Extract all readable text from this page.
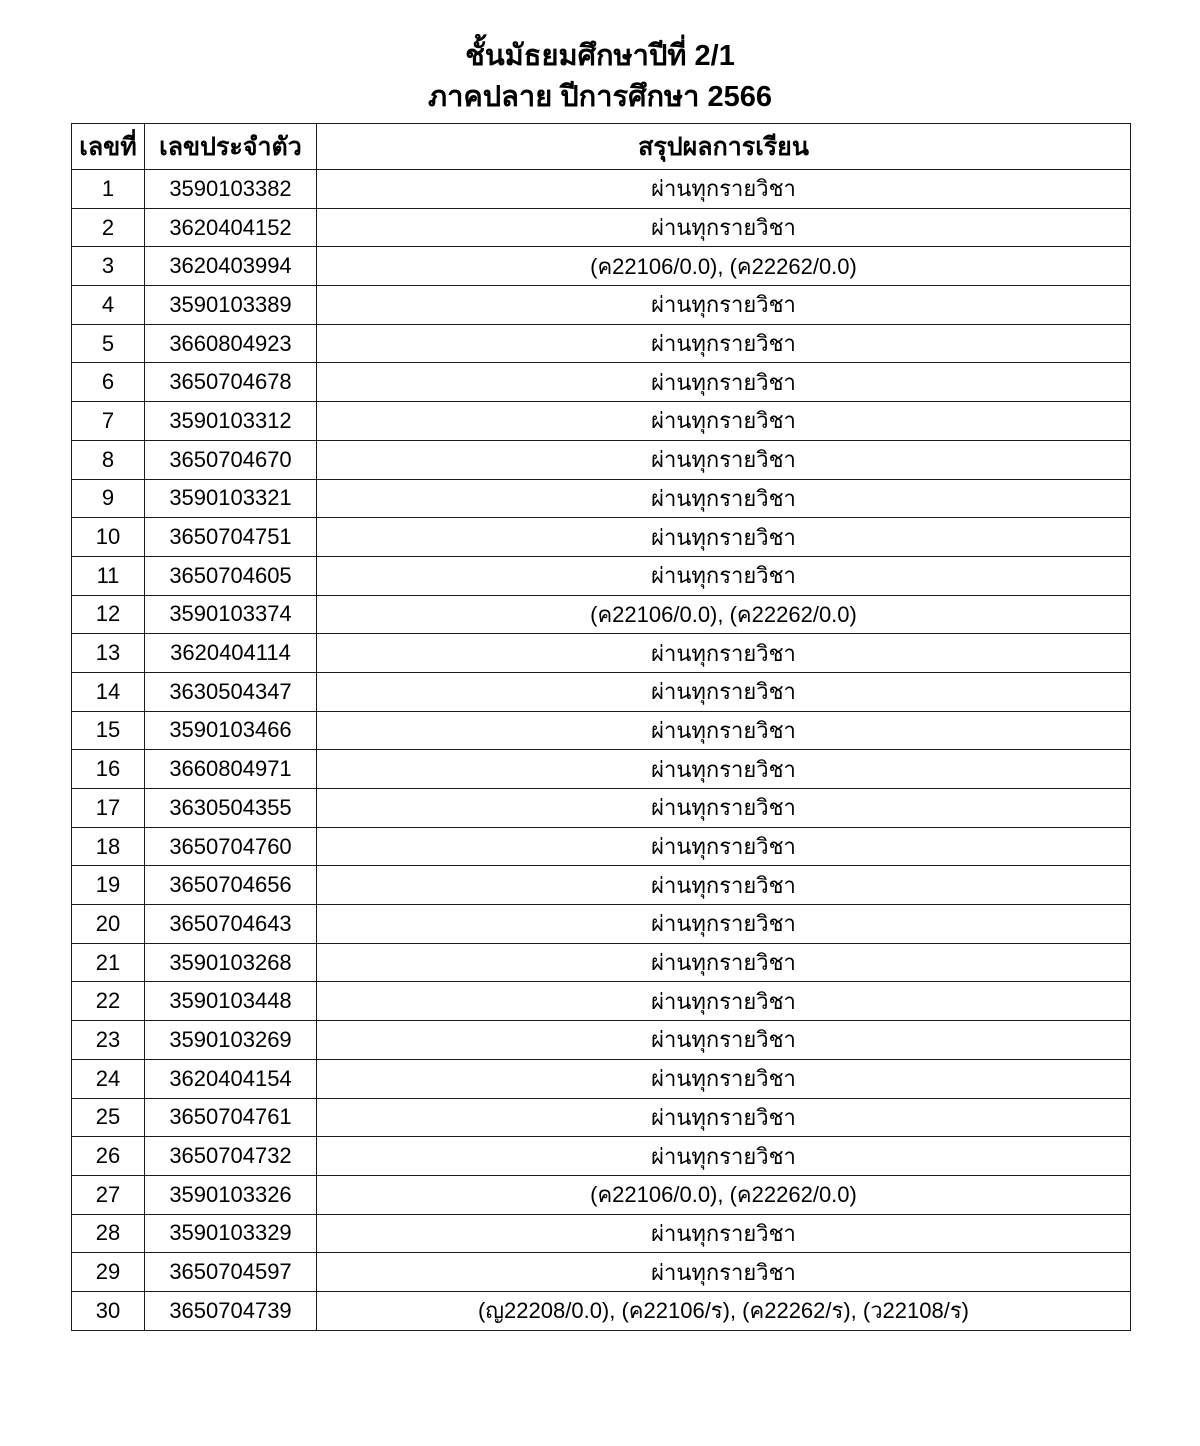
ชั้นมัธยมศึกษาปีที่ 2/1
ภาคปลาย ปีการศึกษา 2566
เลขที่	เลขประจำตัว	สรุปผลการเรียน
1	3590103382	ผ่านทุกรายวิชา
2	3620404152	ผ่านทุกรายวิชา
3	3620403994	(ค22106/0.0), (ค22262/0.0)
4	3590103389	ผ่านทุกรายวิชา
5	3660804923	ผ่านทุกรายวิชา
6	3650704678	ผ่านทุกรายวิชา
7	3590103312	ผ่านทุกรายวิชา
8	3650704670	ผ่านทุกรายวิชา
9	3590103321	ผ่านทุกรายวิชา
10	3650704751	ผ่านทุกรายวิชา
11	3650704605	ผ่านทุกรายวิชา
12	3590103374	(ค22106/0.0), (ค22262/0.0)
13	3620404114	ผ่านทุกรายวิชา
14	3630504347	ผ่านทุกรายวิชา
15	3590103466	ผ่านทุกรายวิชา
16	3660804971	ผ่านทุกรายวิชา
17	3630504355	ผ่านทุกรายวิชา
18	3650704760	ผ่านทุกรายวิชา
19	3650704656	ผ่านทุกรายวิชา
20	3650704643	ผ่านทุกรายวิชา
21	3590103268	ผ่านทุกรายวิชา
22	3590103448	ผ่านทุกรายวิชา
23	3590103269	ผ่านทุกรายวิชา
24	3620404154	ผ่านทุกรายวิชา
25	3650704761	ผ่านทุกรายวิชา
26	3650704732	ผ่านทุกรายวิชา
27	3590103326	(ค22106/0.0), (ค22262/0.0)
28	3590103329	ผ่านทุกรายวิชา
29	3650704597	ผ่านทุกรายวิชา
30	3650704739	(ญ22208/0.0), (ค22106/ร), (ค22262/ร), (ว22108/ร)
